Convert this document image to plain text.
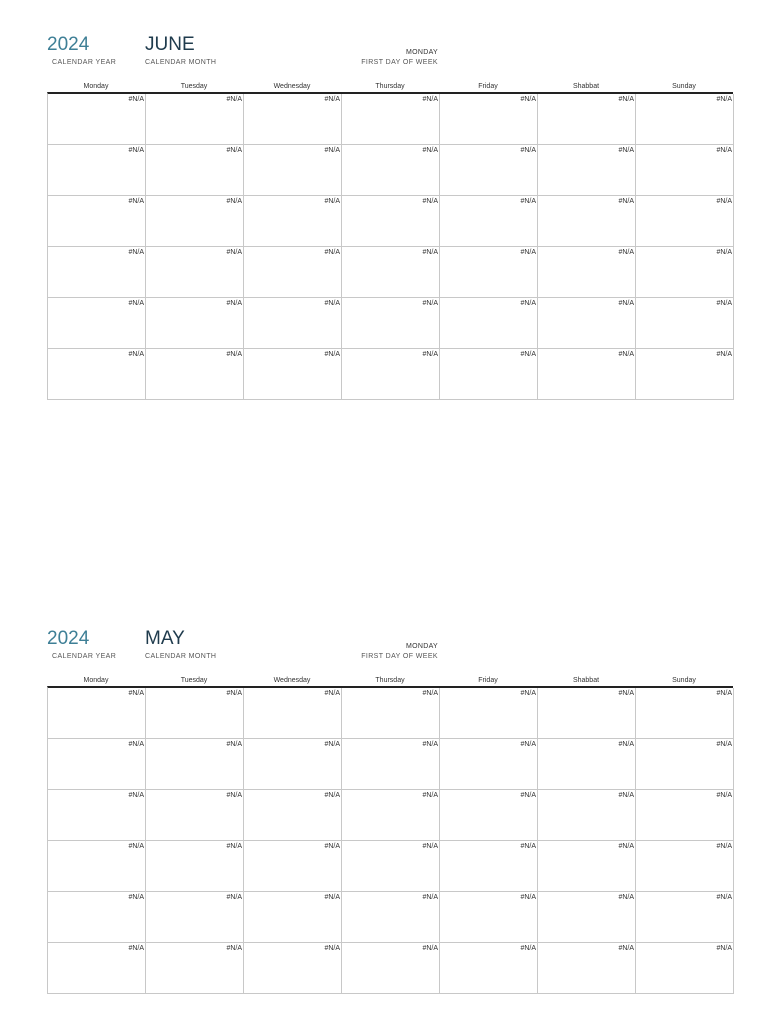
2024
CALENDAR YEAR
JUNE
CALENDAR MONTH
MONDAY
FIRST DAY OF WEEK
Monday	Tuesday	Wednesday	Thursday	Friday	Shabbat	Sunday
#N/A	#N/A	#N/A	#N/A	#N/A	#N/A	#N/A
#N/A	#N/A	#N/A	#N/A	#N/A	#N/A	#N/A
#N/A	#N/A	#N/A	#N/A	#N/A	#N/A	#N/A
#N/A	#N/A	#N/A	#N/A	#N/A	#N/A	#N/A
#N/A	#N/A	#N/A	#N/A	#N/A	#N/A	#N/A
#N/A	#N/A	#N/A	#N/A	#N/A	#N/A	#N/A
2024
CALENDAR YEAR
MAY
CALENDAR MONTH
MONDAY
FIRST DAY OF WEEK
Monday	Tuesday	Wednesday	Thursday	Friday	Shabbat	Sunday
#N/A	#N/A	#N/A	#N/A	#N/A	#N/A	#N/A
#N/A	#N/A	#N/A	#N/A	#N/A	#N/A	#N/A
#N/A	#N/A	#N/A	#N/A	#N/A	#N/A	#N/A
#N/A	#N/A	#N/A	#N/A	#N/A	#N/A	#N/A
#N/A	#N/A	#N/A	#N/A	#N/A	#N/A	#N/A
#N/A	#N/A	#N/A	#N/A	#N/A	#N/A	#N/A
